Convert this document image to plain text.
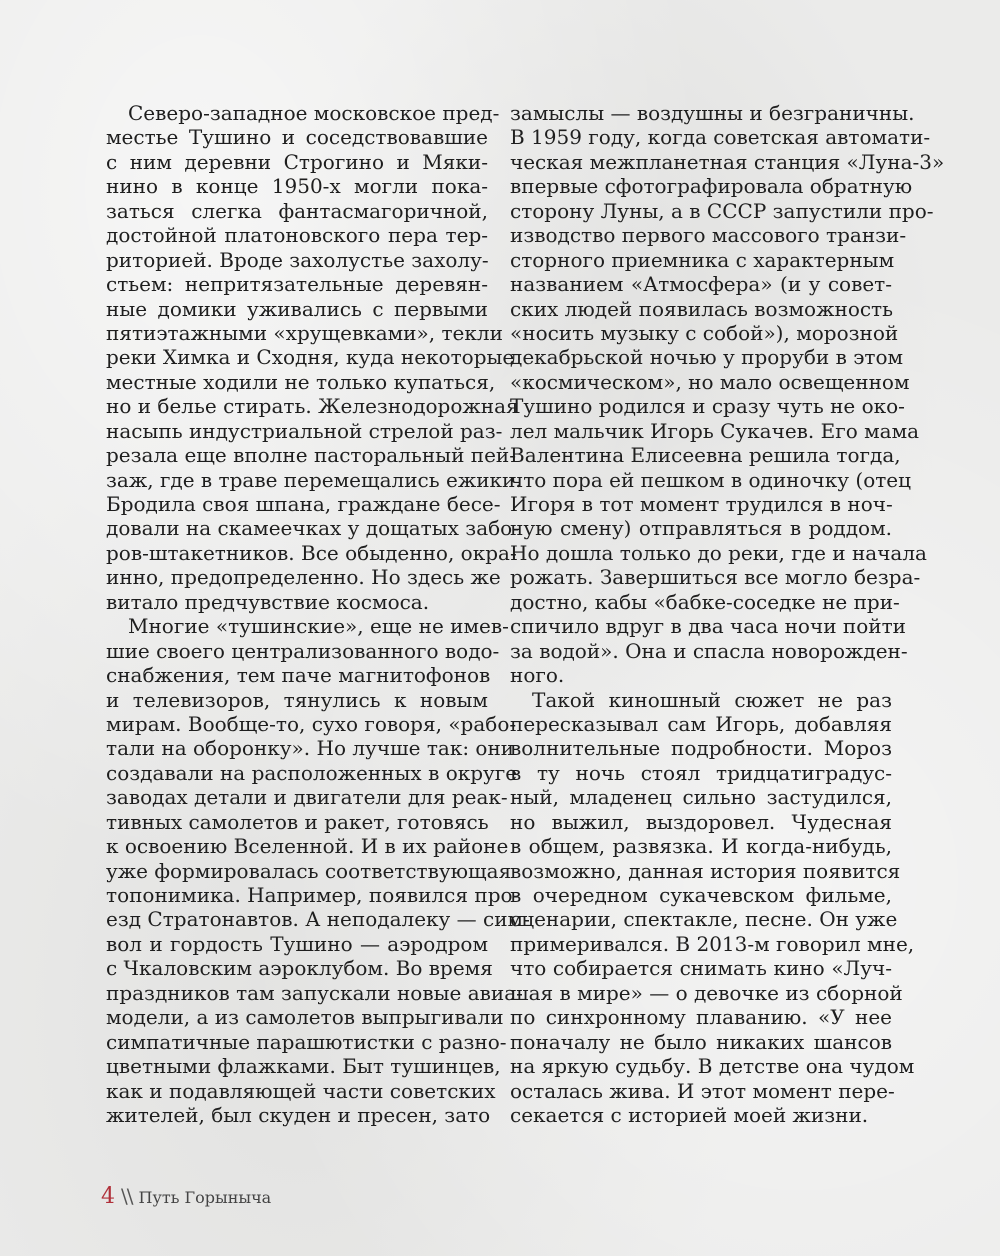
Северо-западное московское пред-
местье Тушино и соседствовавшие
с ним деревни Строгино и Мяки-
нино в конце 1950-х могли пока-
заться слегка фантасмагоричной,
достойной платоновского пера тер-
риторией. Вроде захолустье захолу-
стьем: непритязательные деревян-
ные домики уживались с первыми
пятиэтажными «хрущевками», текли
реки Химка и Сходня, куда некоторые
местные ходили не только купаться,
но и белье стирать. Железнодорожная
насыпь индустриальной стрелой раз-
резала еще вполне пасторальный пей-
заж, где в траве перемещались ежики.
Бродила своя шпана, граждане бесе-
довали на скамеечках у дощатых забо-
ров-штакетников. Все обыденно, окра-
инно, предопределенно. Но здесь же
витало предчувствие космоса.
Многие «тушинские», еще не имев-
шие своего централизованного водо-
снабжения, тем паче магнитофонов
и телевизоров, тянулись к новым
мирам. Вообще-то, сухо говоря, «рабо-
тали на оборонку». Но лучше так: они
создавали на расположенных в округе
заводах детали и двигатели для реак-
тивных самолетов и ракет, готовясь
к освоению Вселенной. И в их районе
уже формировалась соответствующая
топонимика. Например, появился про-
езд Стратонавтов. А неподалеку — сим-
вол и гордость Тушино — аэродром
с Чкаловским аэроклубом. Во время
праздников там запускали новые авиа-
модели, а из самолетов выпрыгивали
симпатичные парашютистки с разно-
цветными флажками. Быт тушинцев,
как и подавляющей части советских
жителей, был скуден и пресен, зато
замыслы — воздушны и безграничны.
В 1959 году, когда советская автомати-
ческая межпланетная станция «Луна-3»
впервые сфотографировала обратную
сторону Луны, а в СССР запустили про-
изводство первого массового транзи-
сторного приемника с характерным
названием «Атмосфера» (и у совет-
ских людей появилась возможность
«носить музыку с собой»), морозной
декабрьской ночью у проруби в этом
«космическом», но мало освещенном
Тушино родился и сразу чуть не око-
лел мальчик Игорь Сукачев. Его мама
Валентина Елисеевна решила тогда,
что пора ей пешком в одиночку (отец
Игоря в тот момент трудился в ноч-
ную смену) отправляться в роддом.
Но дошла только до реки, где и начала
рожать. Завершиться все могло безра-
достно, кабы «бабке-соседке не при-
спичило вдруг в два часа ночи пойти
за водой». Она и спасла новорожден-
ного.
Такой киношный сюжет не раз
пересказывал сам Игорь, добавляя
волнительные подробности. Мороз
в ту ночь стоял тридцатиградус-
ный, младенец сильно застудился,
но выжил, выздоровел. Чудесная
в общем, развязка. И когда-нибудь,
возможно, данная история появится
в очередном сукачевском фильме,
сценарии, спектакле, песне. Он уже
примеривался. В 2013-м говорил мне,
что собирается снимать кино «Луч-
шая в мире» — о девочке из сборной
по синхронному плаванию. «У нее
поначалу не было никаких шансов
на яркую судьбу. В детстве она чудом
осталась жива. И этот момент пере-
секается с историей моей жизни.
4 \\ Путь Горыныча
